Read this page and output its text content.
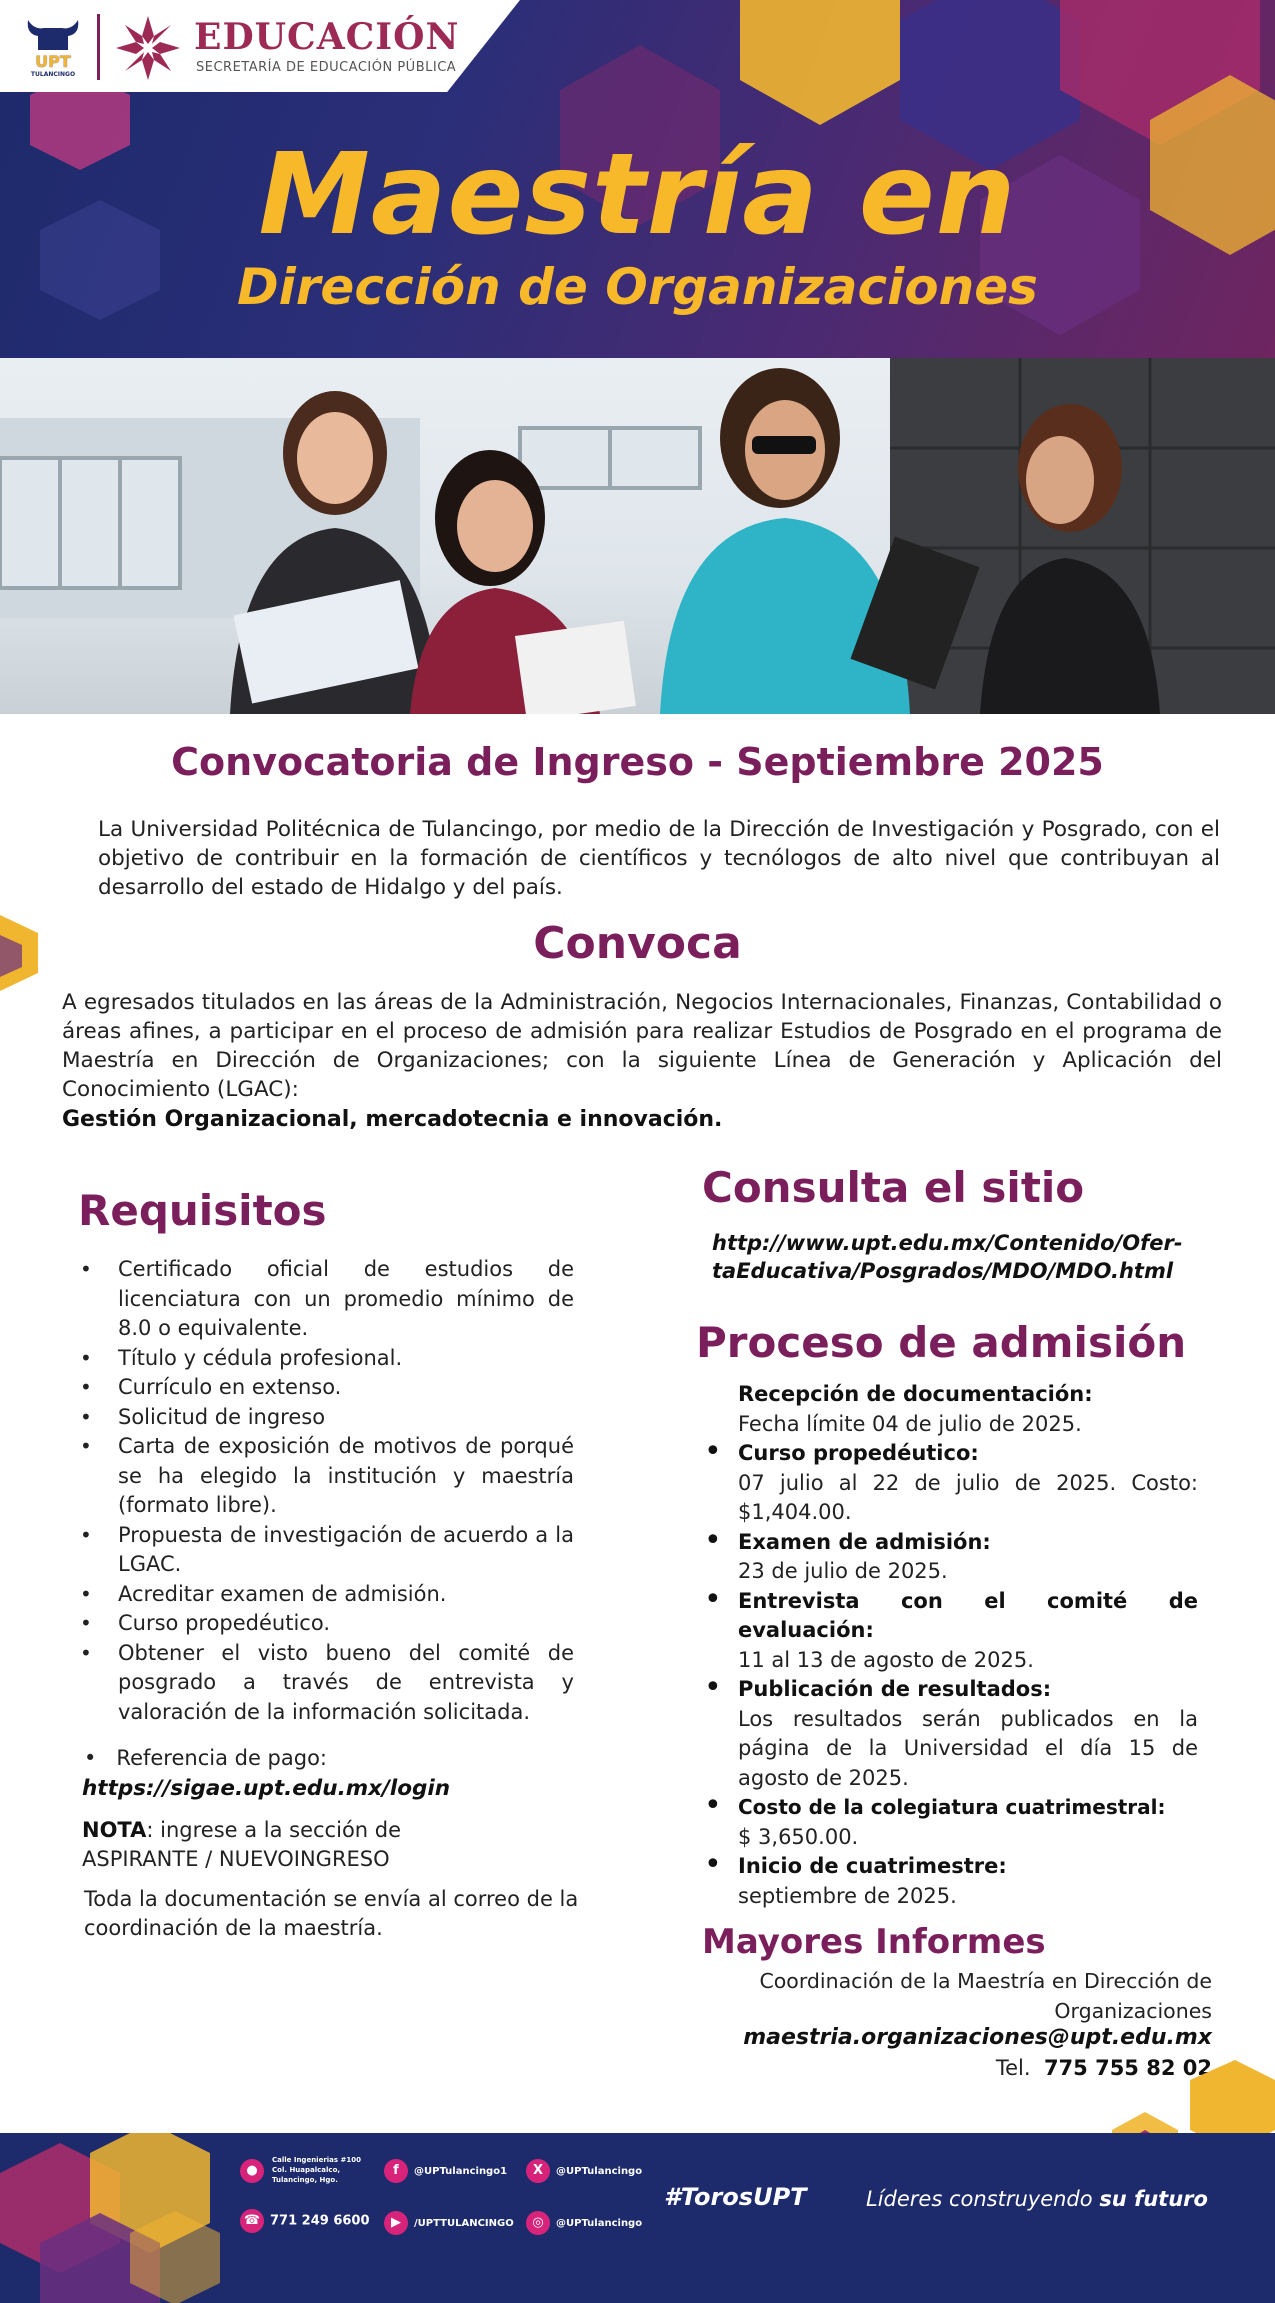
UPT
TULANCINGO
EDUCACIÓN
SECRETARÍA DE EDUCACIÓN PÚBLICA
Maestría en
Dirección de Organizaciones
Convocatoria de Ingreso - Septiembre 2025
La Universidad Politécnica de Tulancingo, por medio de la Dirección de Investigación y Posgrado, con el objetivo de contribuir en la formación de científicos y tecnólogos de alto nivel que contribuyan al desarrollo del estado de Hidalgo y del país.
Convoca
A egresados titulados en las áreas de la Administración, Negocios Internacionales, Finanzas, Contabilidad o áreas afines, a participar en el proceso de admisión para realizar Estudios de Posgrado en el programa de Maestría en Dirección de Organizaciones; con la siguiente Línea de Generación y Aplicación del Conocimiento (LGAC):
Gestión Organizacional, mercadotecnia e innovación.
Requisitos
• Certificado oficial de estudios de licenciatura con un promedio mínimo de 8.0 o equivalente.
• Título y cédula profesional.
• Currículo en extenso.
• Solicitud de ingreso
• Carta de exposición de motivos de porqué se ha elegido la institución y maestría (formato libre).
• Propuesta de investigación de acuerdo a la LGAC.
• Acreditar examen de admisión.
• Curso propedéutico.
• Obtener el visto bueno del comité de posgrado a través de entrevista y valoración de la información solicitada.
•   Referencia de pago:
https://sigae.upt.edu.mx/login
NOTA: ingrese a la sección de ASPIRANTE / NUEVOINGRESO
Toda la documentación se envía al correo de la coordinación de la maestría.
Consulta el sitio
http://www.upt.edu.mx/Contenido/Ofer-
taEducativa/Posgrados/MDO/MDO.html
Proceso de admisión
Recepción de documentación:
Fecha límite 04 de julio de 2025.
• Curso propedéutico:
07 julio al 22 de julio de 2025. Costo: $1,404.00.
• Examen de admisión:
23 de julio de 2025.
• Entrevista con el comité de evaluación:
11 al 13 de agosto de 2025.
• Publicación de resultados:
Los resultados serán publicados en la página de la Universidad el día 15 de agosto de 2025.
• Costo de la colegiatura cuatrimestral:
$ 3,650.00.
• Inicio de cuatrimestre:
septiembre de 2025.
Mayores Informes
Coordinación de la Maestría en Dirección de
Organizaciones
maestria.organizaciones@upt.edu.mx
Tel. 775 755 82 02
●
Calle Ingenierias #100
Col. Huapalcalco,
Tulancingo, Hgo.
☎ 771 249 6600
f @UPTulancingo1
▶ /UPTTULANCINGO
X @UPTulancingo
◎ @UPTulancingo
#TorosUPT	Líderes construyendo su futuro
